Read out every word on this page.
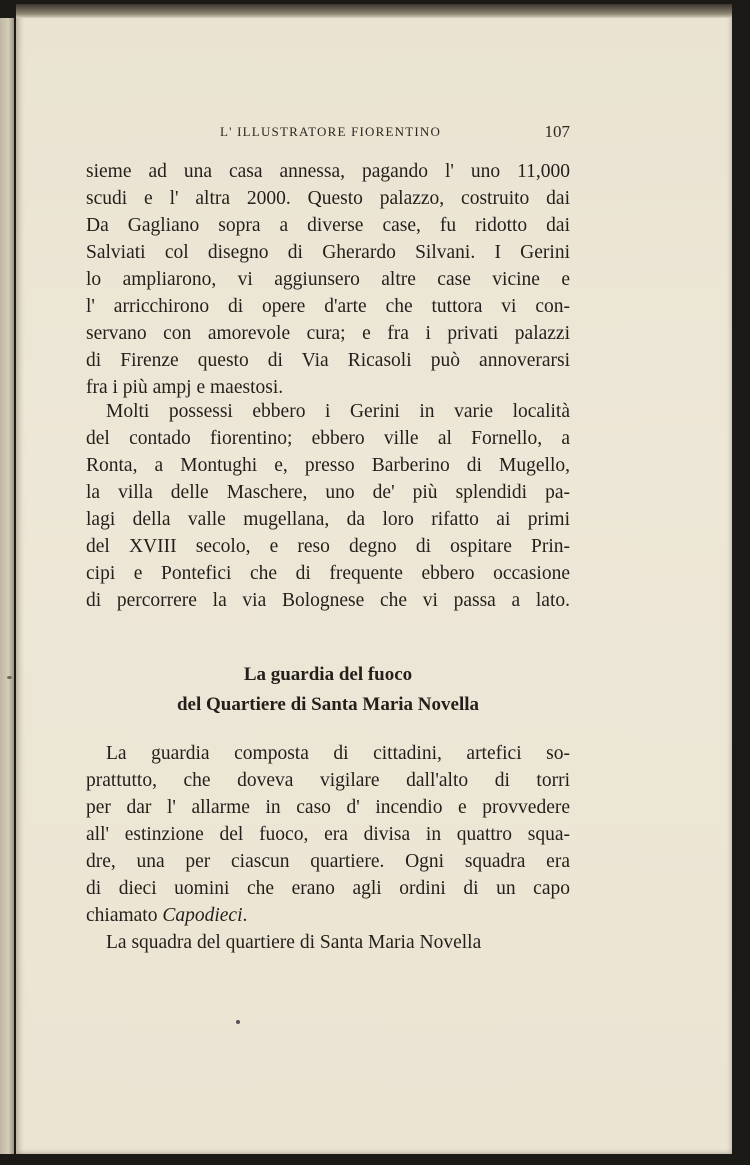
L' ILLUSTRATORE FIORENTINO	107
sieme ad una casa annessa, pagando l' uno 11,000
scudi e l' altra 2000. Questo palazzo, costruito dai
Da Gagliano sopra a diverse case, fu ridotto dai
Salviati col disegno di Gherardo Silvani. I Gerini
lo ampliarono, vi aggiunsero altre case vicine e
l' arricchirono di opere d'arte che tuttora vi con-
servano con amorevole cura; e fra i privati palazzi
di Firenze questo di Via Ricasoli può annoverarsi
fra i più ampj e maestosi.
Molti possessi ebbero i Gerini in varie località
del contado fiorentino; ebbero ville al Fornello, a
Ronta, a Montughi e, presso Barberino di Mugello,
la villa delle Maschere, uno de' più splendidi pa-
lagi della valle mugellana, da loro rifatto ai primi
del XVIII secolo, e reso degno di ospitare Prin-
cipi e Pontefici che di frequente ebbero occasione
di percorrere la via Bolognese che vi passa a lato.
La guardia del fuoco
del Quartiere di Santa Maria Novella
La guardia composta di cittadini, artefici so-
prattutto, che doveva vigilare dall'alto di torri
per dar l' allarme in caso d' incendio e provvedere
all' estinzione del fuoco, era divisa in quattro squa-
dre, una per ciascun quartiere. Ogni squadra era
di dieci uomini che erano agli ordini di un capo
chiamato Capodieci.
La squadra del quartiere di Santa Maria Novella
